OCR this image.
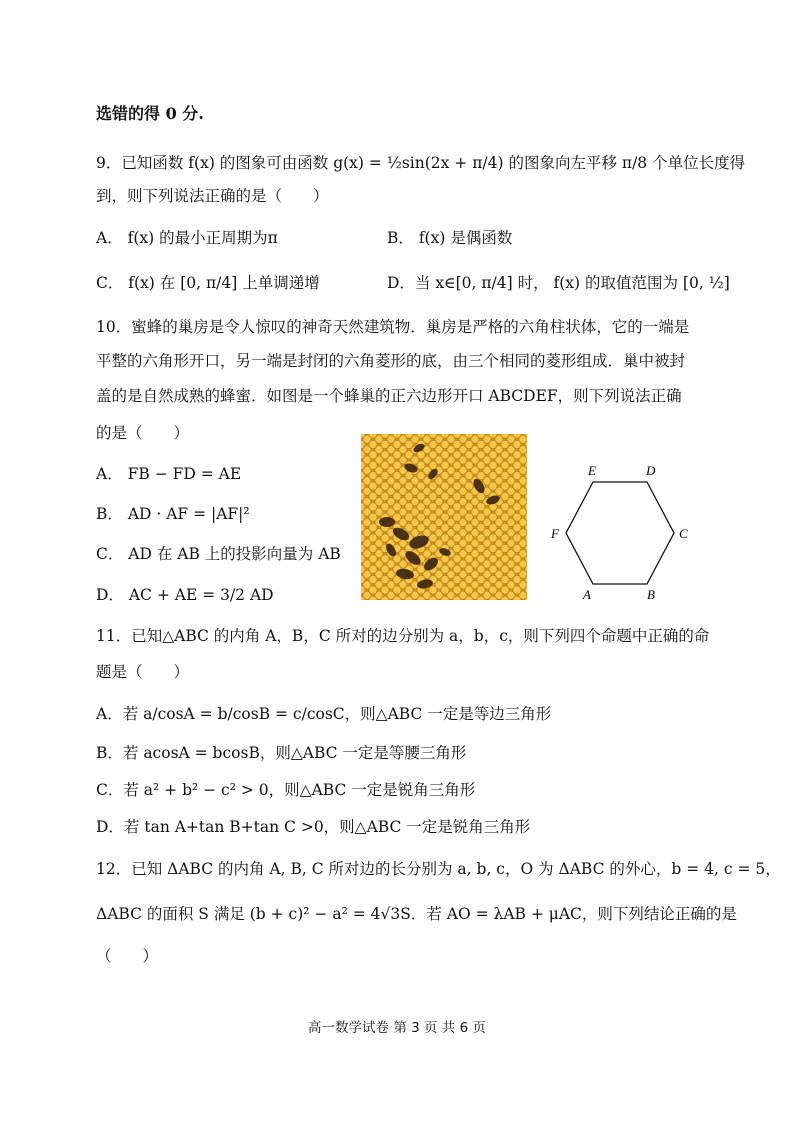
选错的得 0 分.
9．已知函数 f(x) 的图象可由函数 g(x) = ½sin(2x + π/4) 的图象向左平移 π/8 个单位长度得
到，则下列说法正确的是（　　）
A． f(x) 的最小正周期为π	B． f(x) 是偶函数
C． f(x) 在 [0, π/4] 上单调递增	D．当 x∈[0, π/4] 时， f(x) 的取值范围为 [0, ½]
10．蜜蜂的巢房是令人惊叹的神奇天然建筑物．巢房是严格的六角柱状体，它的一端是
平整的六角形开口，另一端是封闭的六角菱形的底，由三个相同的菱形组成．巢中被封
盖的是自然成熟的蜂蜜．如图是一个蜂巢的正六边形开口 ABCDEF，则下列说法正确
的是（　　）
A． FB − FD = AE
B． AD · AF = |AF|²
C． AD 在 AB 上的投影向量为 AB
D． AC + AE = 3/2 AD
E	D
C
B
A
F
11．已知△ABC 的内角 A，B，C 所对的边分别为 a，b，c，则下列四个命题中正确的命
题是（　　）
A．若 a/cosA = b/cosB = c/cosC，则△ABC 一定是等边三角形
B．若 acosA = bcosB，则△ABC 一定是等腰三角形
C．若 a² + b² − c² > 0，则△ABC 一定是锐角三角形
D．若 tan A+tan B+tan C >0，则△ABC 一定是锐角三角形
12．已知 ΔABC 的内角 A, B, C 所对边的长分别为 a, b, c，O 为 ΔABC 的外心，b = 4, c = 5，
ΔABC 的面积 S 满足 (b + c)² − a² = 4√3S．若 AO = λAB + μAC，则下列结论正确的是
（　　）
高一数学试卷 第 3 页 共 6 页
